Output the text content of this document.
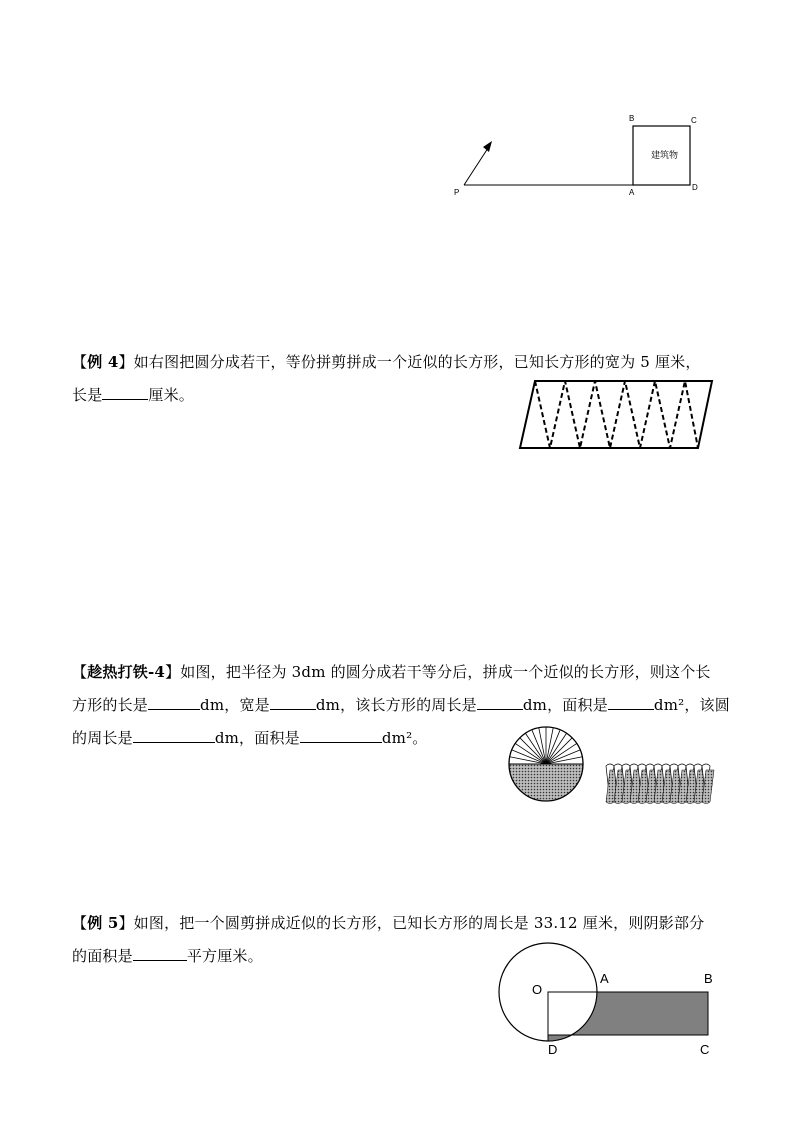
P	A
B	C
D
建筑物
【例 4】如右图把圆分成若干，等份拼剪拼成一个近似的长方形，已知长方形的宽为 5 厘米，
长是	厘米。
【趁热打铁-4】如图，把半径为 3dm 的圆分成若干等分后，拼成一个近似的长方形，则这个长
方形的长是	dm，宽是	dm，该长方形的周长是	dm，面积是	dm²，该圆
的周长是	dm，面积是	dm²。
【例 5】如图，把一个圆剪拼成近似的长方形，已知长方形的周长是 33.12 厘米，则阴影部分
的面积是	平方厘米。
O
A	B
C
D
